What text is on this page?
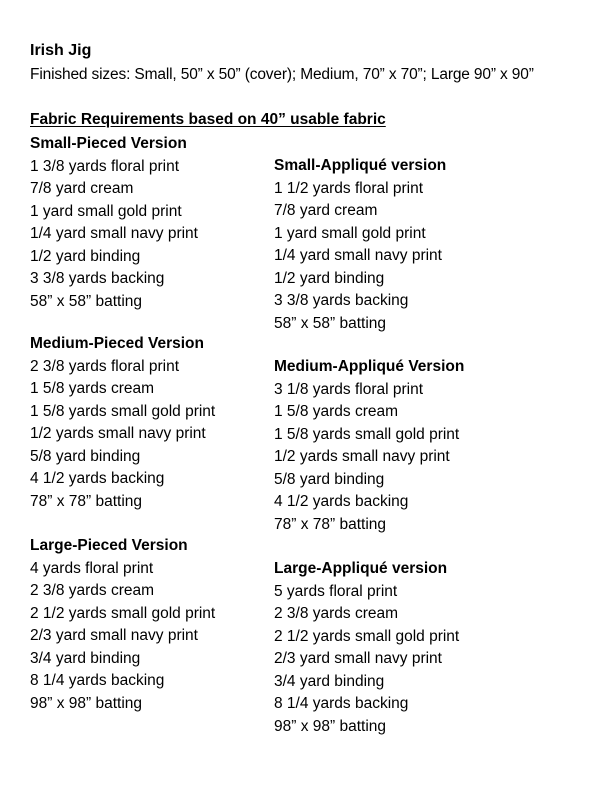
Irish Jig
Finished sizes: Small, 50” x 50” (cover); Medium, 70” x 70”; Large 90” x 90”
Fabric Requirements based on 40” usable fabric
Small-Pieced Version
1 3/8 yards floral print
7/8 yard cream
1 yard small gold print
1/4 yard small navy print
1/2 yard binding
3 3/8 yards backing
58” x 58” batting
Small-Appliqué version
1 1/2 yards floral print
7/8 yard cream
1 yard small gold print
1/4 yard small navy print
1/2 yard binding
3 3/8 yards backing
58” x 58” batting
Medium-Pieced Version
2 3/8 yards floral print
1 5/8 yards cream
1 5/8 yards small gold print
1/2 yards small navy print
5/8 yard binding
4 1/2 yards backing
78” x 78” batting
Medium-Appliqué Version
3 1/8 yards floral print
1 5/8 yards cream
1 5/8 yards small gold print
1/2 yards small navy print
5/8 yard binding
4 1/2 yards backing
78” x 78” batting
Large-Pieced Version
4 yards floral print
2 3/8 yards cream
2 1/2 yards small gold print
2/3 yard small navy print
3/4 yard binding
8 1/4 yards backing
98” x 98” batting
Large-Appliqué version
5 yards floral print
2 3/8 yards cream
2 1/2 yards small gold print
2/3 yard small navy print
3/4 yard binding
8 1/4 yards backing
98” x 98” batting
